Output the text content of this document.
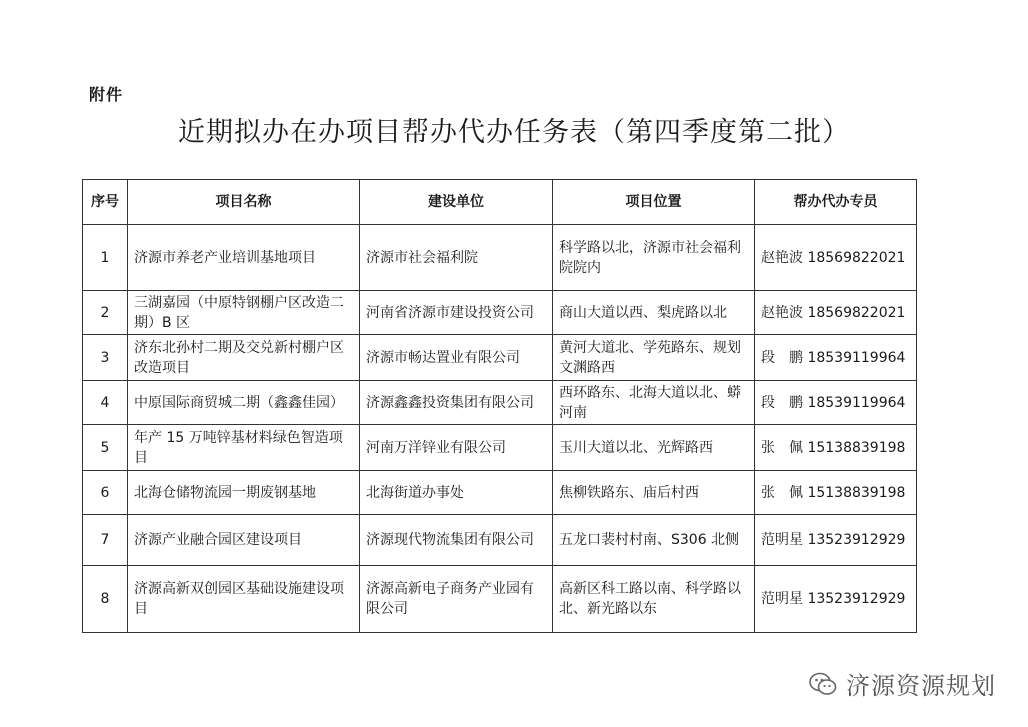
附件
近期拟办在办项目帮办代办任务表（第四季度第二批）
序号	项目名称	建设单位	项目位置	帮办代办专员
1	济源市养老产业培训基地项目	济源市社会福利院	科学路以北，济源市社会福利院院内	赵艳波 18569822021
2	三湖嘉园（中原特钢棚户区改造二期）B 区	河南省济源市建设投资公司	商山大道以西、梨虎路以北	赵艳波 18569822021
3	济东北孙村二期及交兑新村棚户区改造项目	济源市畅达置业有限公司	黄河大道北、学苑路东、规划文渊路西	段　鹏 18539119964
4	中原国际商贸城二期（鑫鑫佳园）	济源鑫鑫投资集团有限公司	西环路东、北海大道以北、蟒河南	段　鹏 18539119964
5	年产 15 万吨锌基材料绿色智造项目	河南万洋锌业有限公司	玉川大道以北、光辉路西	张　佩 15138839198
6	北海仓储物流园一期废钢基地	北海街道办事处	焦柳铁路东、庙后村西	张　佩 15138839198
7	济源产业融合园区建设项目	济源现代物流集团有限公司	五龙口裴村村南、S306 北侧	范明星 13523912929
8	济源高新双创园区基础设施建设项目	济源高新电子商务产业园有限公司	高新区科工路以南、科学路以北、新光路以东	范明星 13523912929
济源资源规划
